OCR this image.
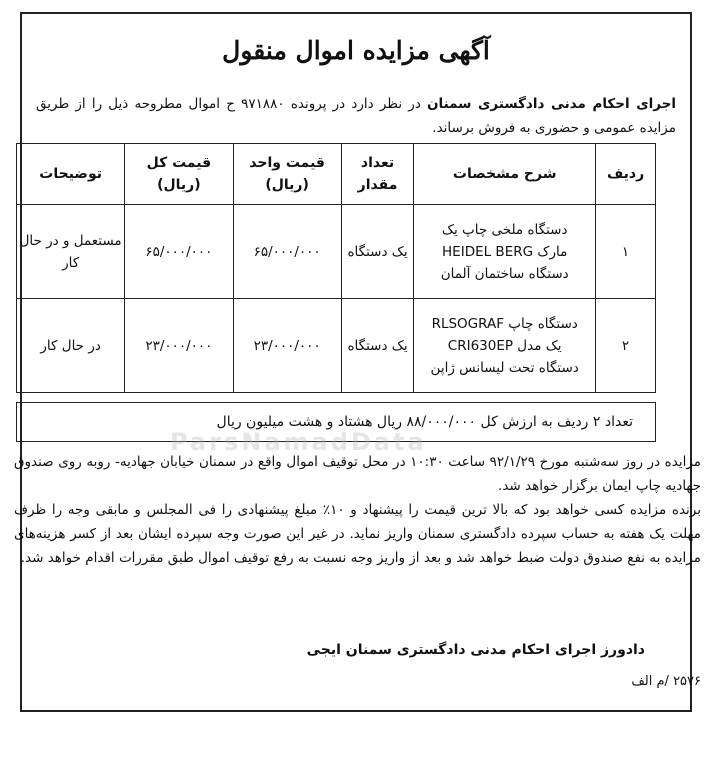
آگهی مزایده اموال منقول
اجرای احکام مدنی دادگستری سمنان در نظر دارد در پرونده ۹۷۱۸۸۰ ح اموال مطروحه ذیل را از طریق مزایده عمومی و حضوری به فروش برساند.
ردیف	شرح مشخصات	تعداد مقدار	قیمت واحد (ریال)	قیمت کل (ریال)	توضیحات
۱	دستگاه ملخی چاپ یک
مارک HEIDEL BERG
دستگاه ساختمان آلمان	یک دستگاه	۶۵/۰۰۰/۰۰۰	۶۵/۰۰۰/۰۰۰	مستعمل و در حال کار
۲	دستگاه چاپ RLSOGRAF
یک مدل CRI630EP
دستگاه تحت لیسانس ژاپن	یک دستگاه	۲۳/۰۰۰/۰۰۰	۲۳/۰۰۰/۰۰۰	در حال کار
تعداد ۲ ردیف به ارزش کل ۸۸/۰۰۰/۰۰۰ ریال هشتاد و هشت میلیون ریال
ParsNamadData

مزایده در روز سه‌شنبه مورخ ۹۲/۱/۲۹ ساعت ۱۰:۳۰ در محل توقیف اموال واقع در سمنان خیابان جهادیه- روبه روی صندوق جهادیه چاپ ایمان برگزار خواهد شد.

برنده مزایده کسی خواهد بود که بالا ترین قیمت را پیشنهاد و ۱۰٪ مبلغ پیشنهادی را فی المجلس و مابقی وجه را ظرف مهلت یک هفته به حساب سپرده دادگستری سمنان واریز نماید. در غیر این صورت وجه سپرده ایشان بعد از کسر هزینه‌های مزایده به نفع صندوق دولت ضبط خواهد شد و بعد از واریز وجه نسبت به رفع توقیف اموال طبق مقررات اقدام خواهد شد.

دادورز اجرای احکام مدنی دادگستری سمنان ایجی
۲۵۷۶ /م الف
